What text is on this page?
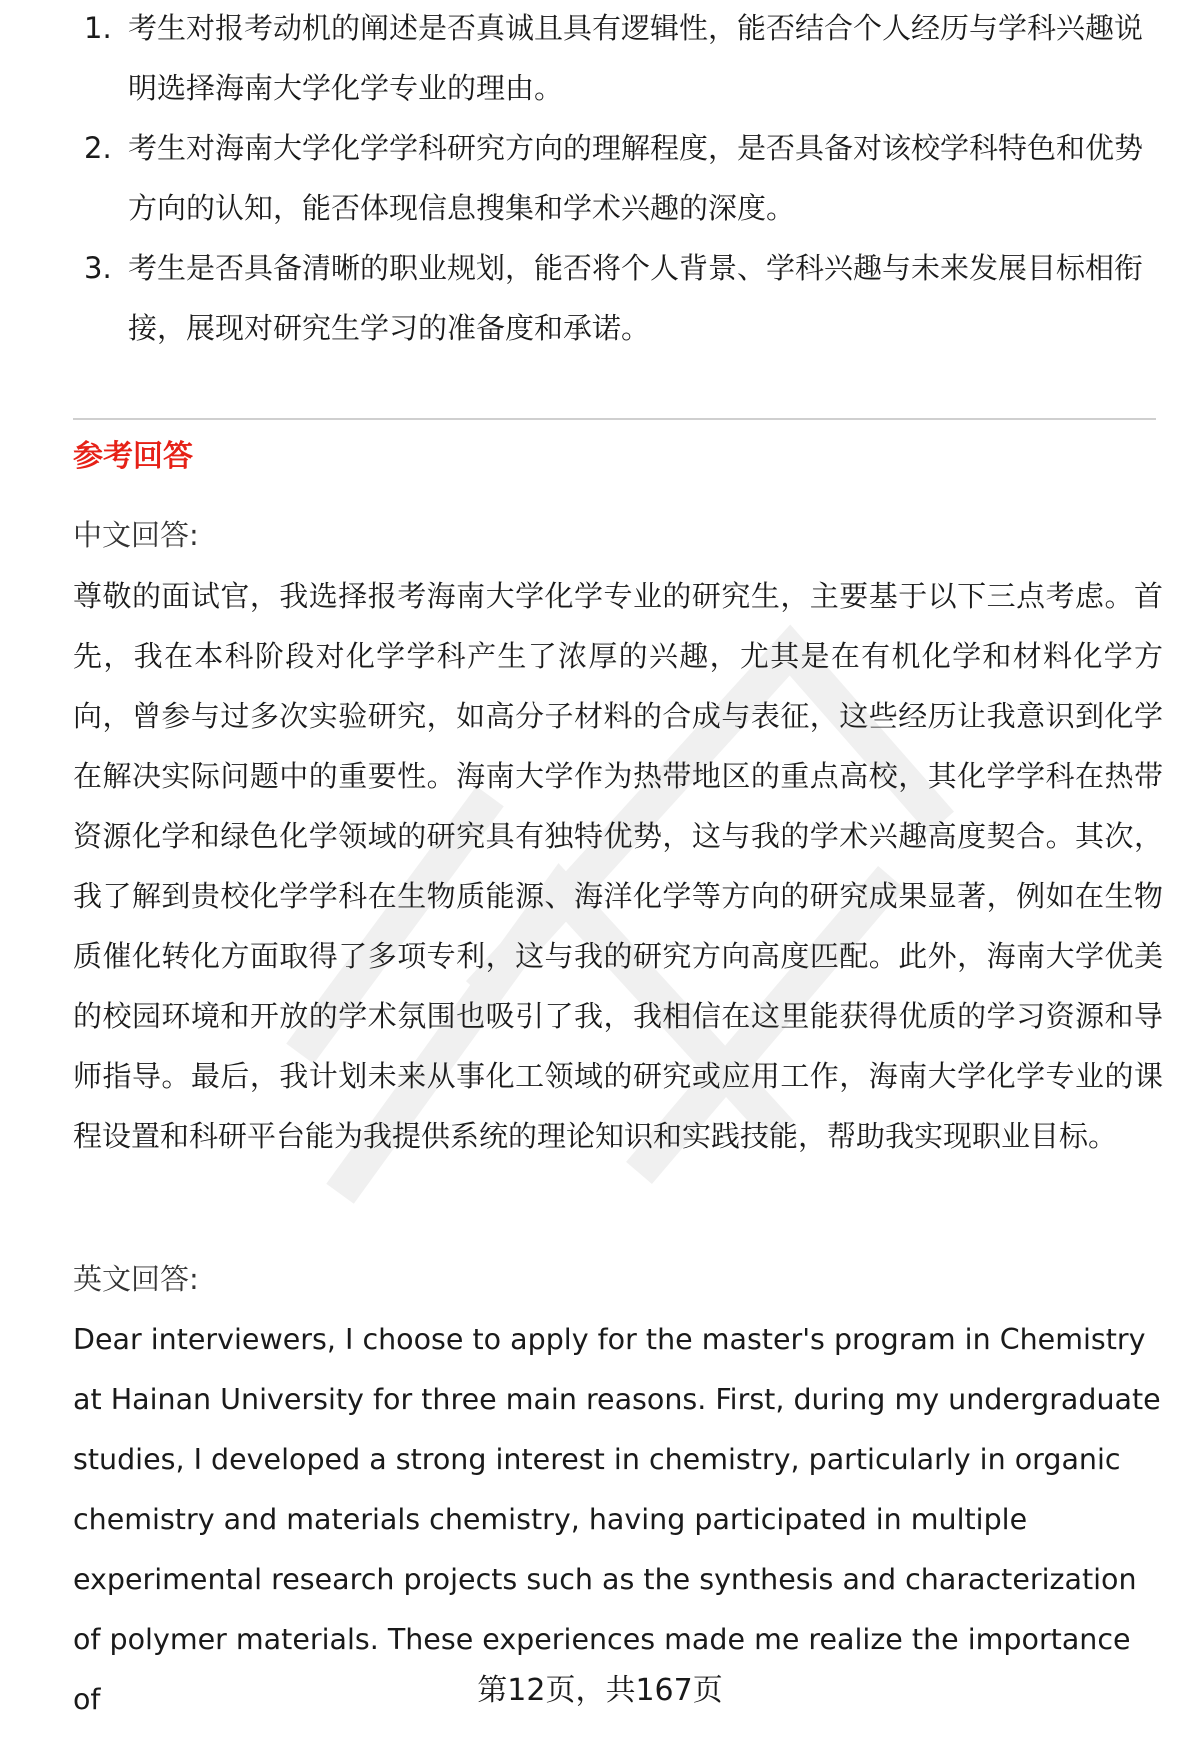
1. 考生对报考动机的阐述是否真诚且具有逻辑性，能否结合个人经历与学科兴趣说明选择海南大学化学专业的理由。
2. 考生对海南大学化学学科研究方向的理解程度，是否具备对该校学科特色和优势方向的认知，能否体现信息搜集和学术兴趣的深度。
3. 考生是否具备清晰的职业规划，能否将个人背景、学科兴趣与未来发展目标相衔接，展现对研究生学习的准备度和承诺。
参考回答

中文回答:

尊敬的面试官，我选择报考海南大学化学专业的研究生，主要基于以下三点考虑。首先，我在本科阶段对化学学科产生了浓厚的兴趣，尤其是在有机化学和材料化学方向，曾参与过多次实验研究，如高分子材料的合成与表征，这些经历让我意识到化学在解决实际问题中的重要性。海南大学作为热带地区的重点高校，其化学学科在热带资源化学和绿色化学领域的研究具有独特优势，这与我的学术兴趣高度契合。其次，我了解到贵校化学学科在生物质能源、海洋化学等方向的研究成果显著，例如在生物质催化转化方面取得了多项专利，这与我的研究方向高度匹配。此外，海南大学优美的校园环境和开放的学术氛围也吸引了我，我相信在这里能获得优质的学习资源和导师指导。最后，我计划未来从事化工领域的研究或应用工作，海南大学化学专业的课程设置和科研平台能为我提供系统的理论知识和实践技能，帮助我实现职业目标。

英文回答:

Dear interviewers, I choose to apply for the master's program in Chemistry at Hainan University for three main reasons. First, during my undergraduate studies, I developed a strong interest in chemistry, particularly in organic chemistry and materials chemistry, having participated in multiple experimental research projects such as the synthesis and characterization of polymer materials. These experiences made me realize the importance of	第12页，共167页
